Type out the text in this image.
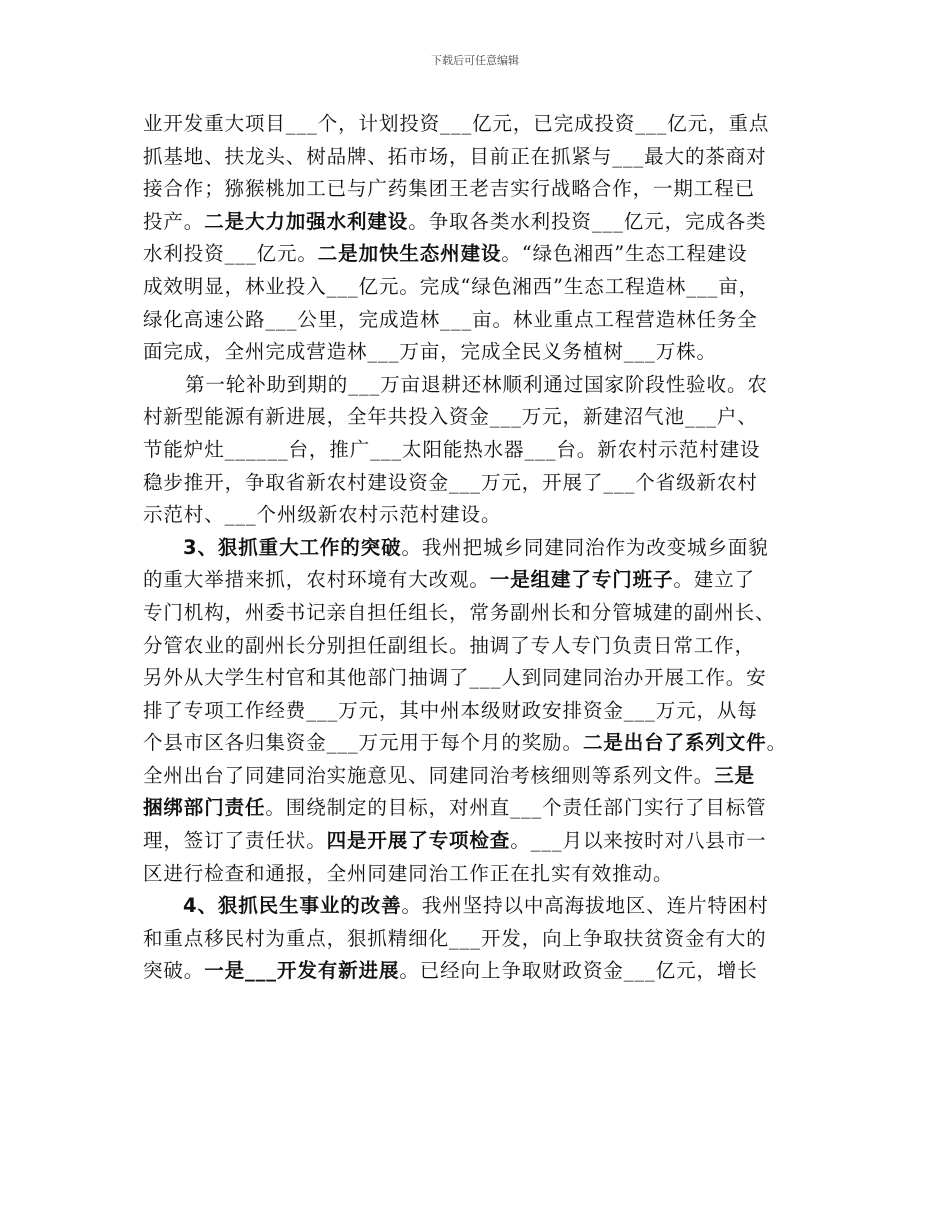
下载后可任意编辑
业开发重大项目___个，计划投资___亿元，已完成投资___亿元，重点
抓基地、扶龙头、树品牌、拓市场，目前正在抓紧与___最大的茶商对
接合作；猕猴桃加工已与广药集团王老吉实行战略合作，一期工程已
投产。二是大力加强水利建设。争取各类水利投资___亿元，完成各类
水利投资___亿元。二是加快生态州建设。“绿色湘西”生态工程建设
成效明显，林业投入___亿元。完成“绿色湘西”生态工程造林___亩，
绿化高速公路___公里，完成造林___亩。林业重点工程营造林任务全
面完成，全州完成营造林___万亩，完成全民义务植树___万株。
第一轮补助到期的___万亩退耕还林顺利通过国家阶段性验收。农
村新型能源有新进展，全年共投入资金___万元，新建沼气池___户、
节能炉灶______台，推广___太阳能热水器___台。新农村示范村建设
稳步推开，争取省新农村建设资金___万元，开展了___个省级新农村
示范村、___个州级新农村示范村建设。
3、狠抓重大工作的突破。我州把城乡同建同治作为改变城乡面貌
的重大举措来抓，农村环境有大改观。一是组建了专门班子。建立了
专门机构，州委书记亲自担任组长，常务副州长和分管城建的副州长、
分管农业的副州长分别担任副组长。抽调了专人专门负责日常工作，
另外从大学生村官和其他部门抽调了___人到同建同治办开展工作。安
排了专项工作经费___万元，其中州本级财政安排资金___万元，从每
个县市区各归集资金___万元用于每个月的奖励。二是出台了系列文件。
全州出台了同建同治实施意见、同建同治考核细则等系列文件。三是
捆绑部门责任。围绕制定的目标，对州直___个责任部门实行了目标管
理，签订了责任状。四是开展了专项检查。___月以来按时对八县市一
区进行检查和通报，全州同建同治工作正在扎实有效推动。
4、狠抓民生事业的改善。我州坚持以中高海拔地区、连片特困村
和重点移民村为重点，狠抓精细化___开发，向上争取扶贫资金有大的
突破。一是___开发有新进展。已经向上争取财政资金___亿元，增长
